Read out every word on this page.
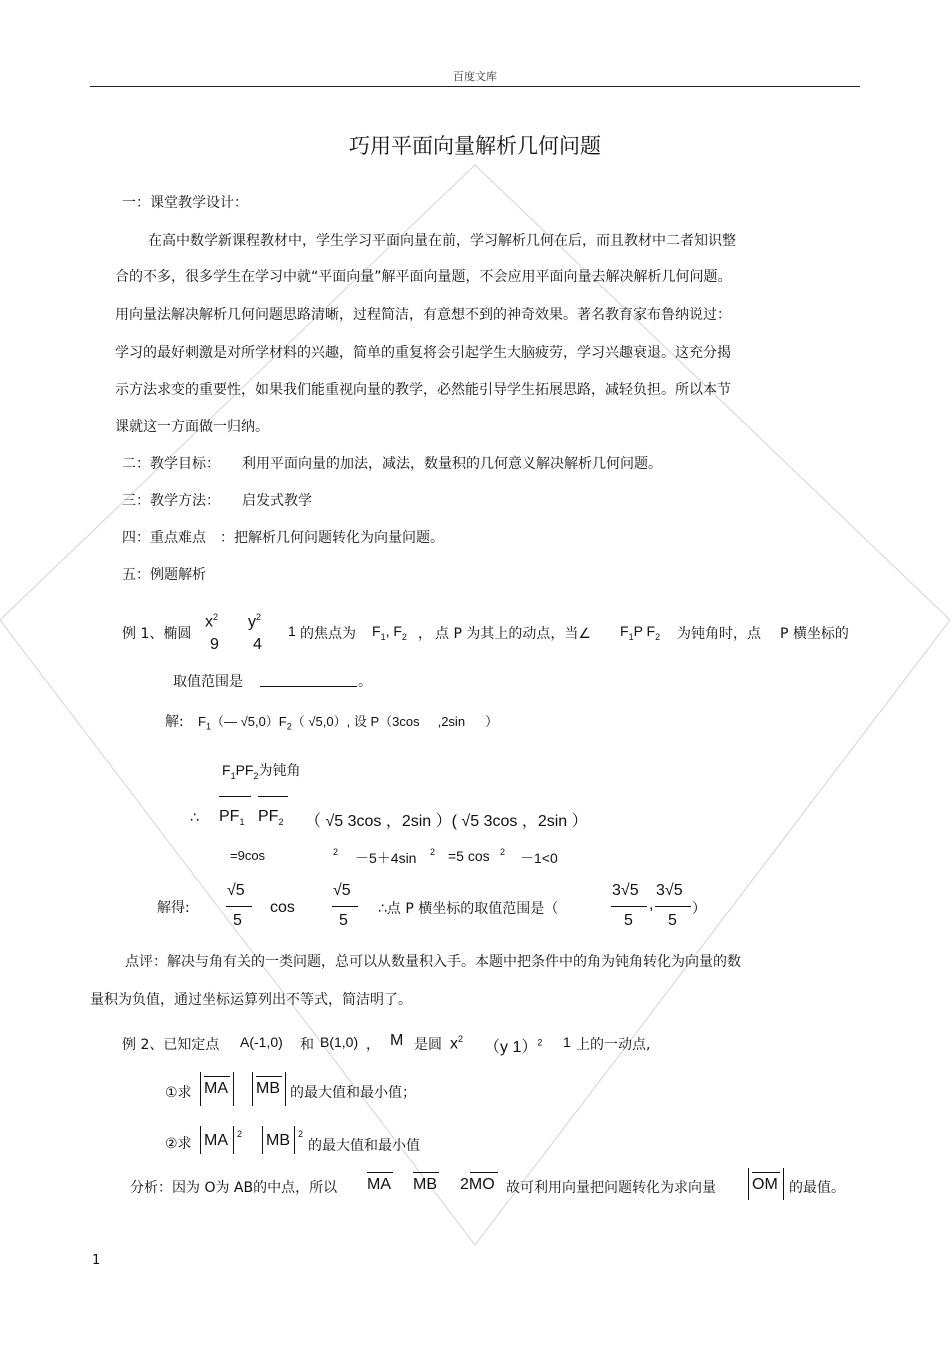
百度文库
巧用平面向量解析几何问题
一：课堂教学设计：
在高中数学新课程教材中，学生学习平面向量在前，学习解析几何在后，而且教材中二者知识整
合的不多，很多学生在学习中就“平面向量”解平面向量题，不会应用平面向量去解决解析几何问题。
用向量法解决解析几何问题思路清晰，过程简洁，有意想不到的神奇效果。著名教育家布鲁纳说过：
学习的最好刺激是对所学材料的兴趣，简单的重复将会引起学生大脑疲劳，学习兴趣衰退。这充分揭
示方法求变的重要性，如果我们能重视向量的教学，必然能引导学生拓展思路，减轻负担。所以本节
课就这一方面做一归纳。
二：教学目标： 利用平面向量的加法，减法，数量积的几何意义解决解析几何问题。
三：教学方法： 启发式教学
四：重点难点 ：把解析几何问题转化为向量问题。
五：例题解析
例 1、椭圆
$x^2$
9
$y^2$
4
1 的焦点为 $F_1$, $F_2$ ， 点 P 为其上的动点，当∠ $F_1P$ $F_2$ 为钝角时，点 P 横坐标的
取值范围是	。
解: $F_1(—$ $√5,0)F_2$（ √5,0）, 设 P（3cos ,2sin ）
$F_1PF_2$为钝角
∴ $PF_1$ $PF_2$ （ √5 3cos ，2sin ）( √5 3cos ，2sin ）
=9cos	2 －5＋4sin 2 =5 cos 2 －1<0
解得:
√5
5
cos
√5
5
∴点 P 横坐标的取值范围是（
3√5
5
,
3√5
5
）
点评：解决与角有关的一类问题，总可以从数量积入手。本题中把条件中的角为钝角转化为向量的数
量积为负值，通过坐标运算列出不等式，简洁明了。
例 2、已知定点 A(-1,0) 和 B(1,0) ， M 是圆 $x^2$ （y 1）$^2$ 1 上的一动点,
①求 MA MB 的最大值和最小值；
②求 MA 2 MB 2
的最大值和最小值
分析：因为 O为 AB的中点，所以 MA MB 2MO 故可利用向量把问题转化为求向量 OM 的最值。
1
